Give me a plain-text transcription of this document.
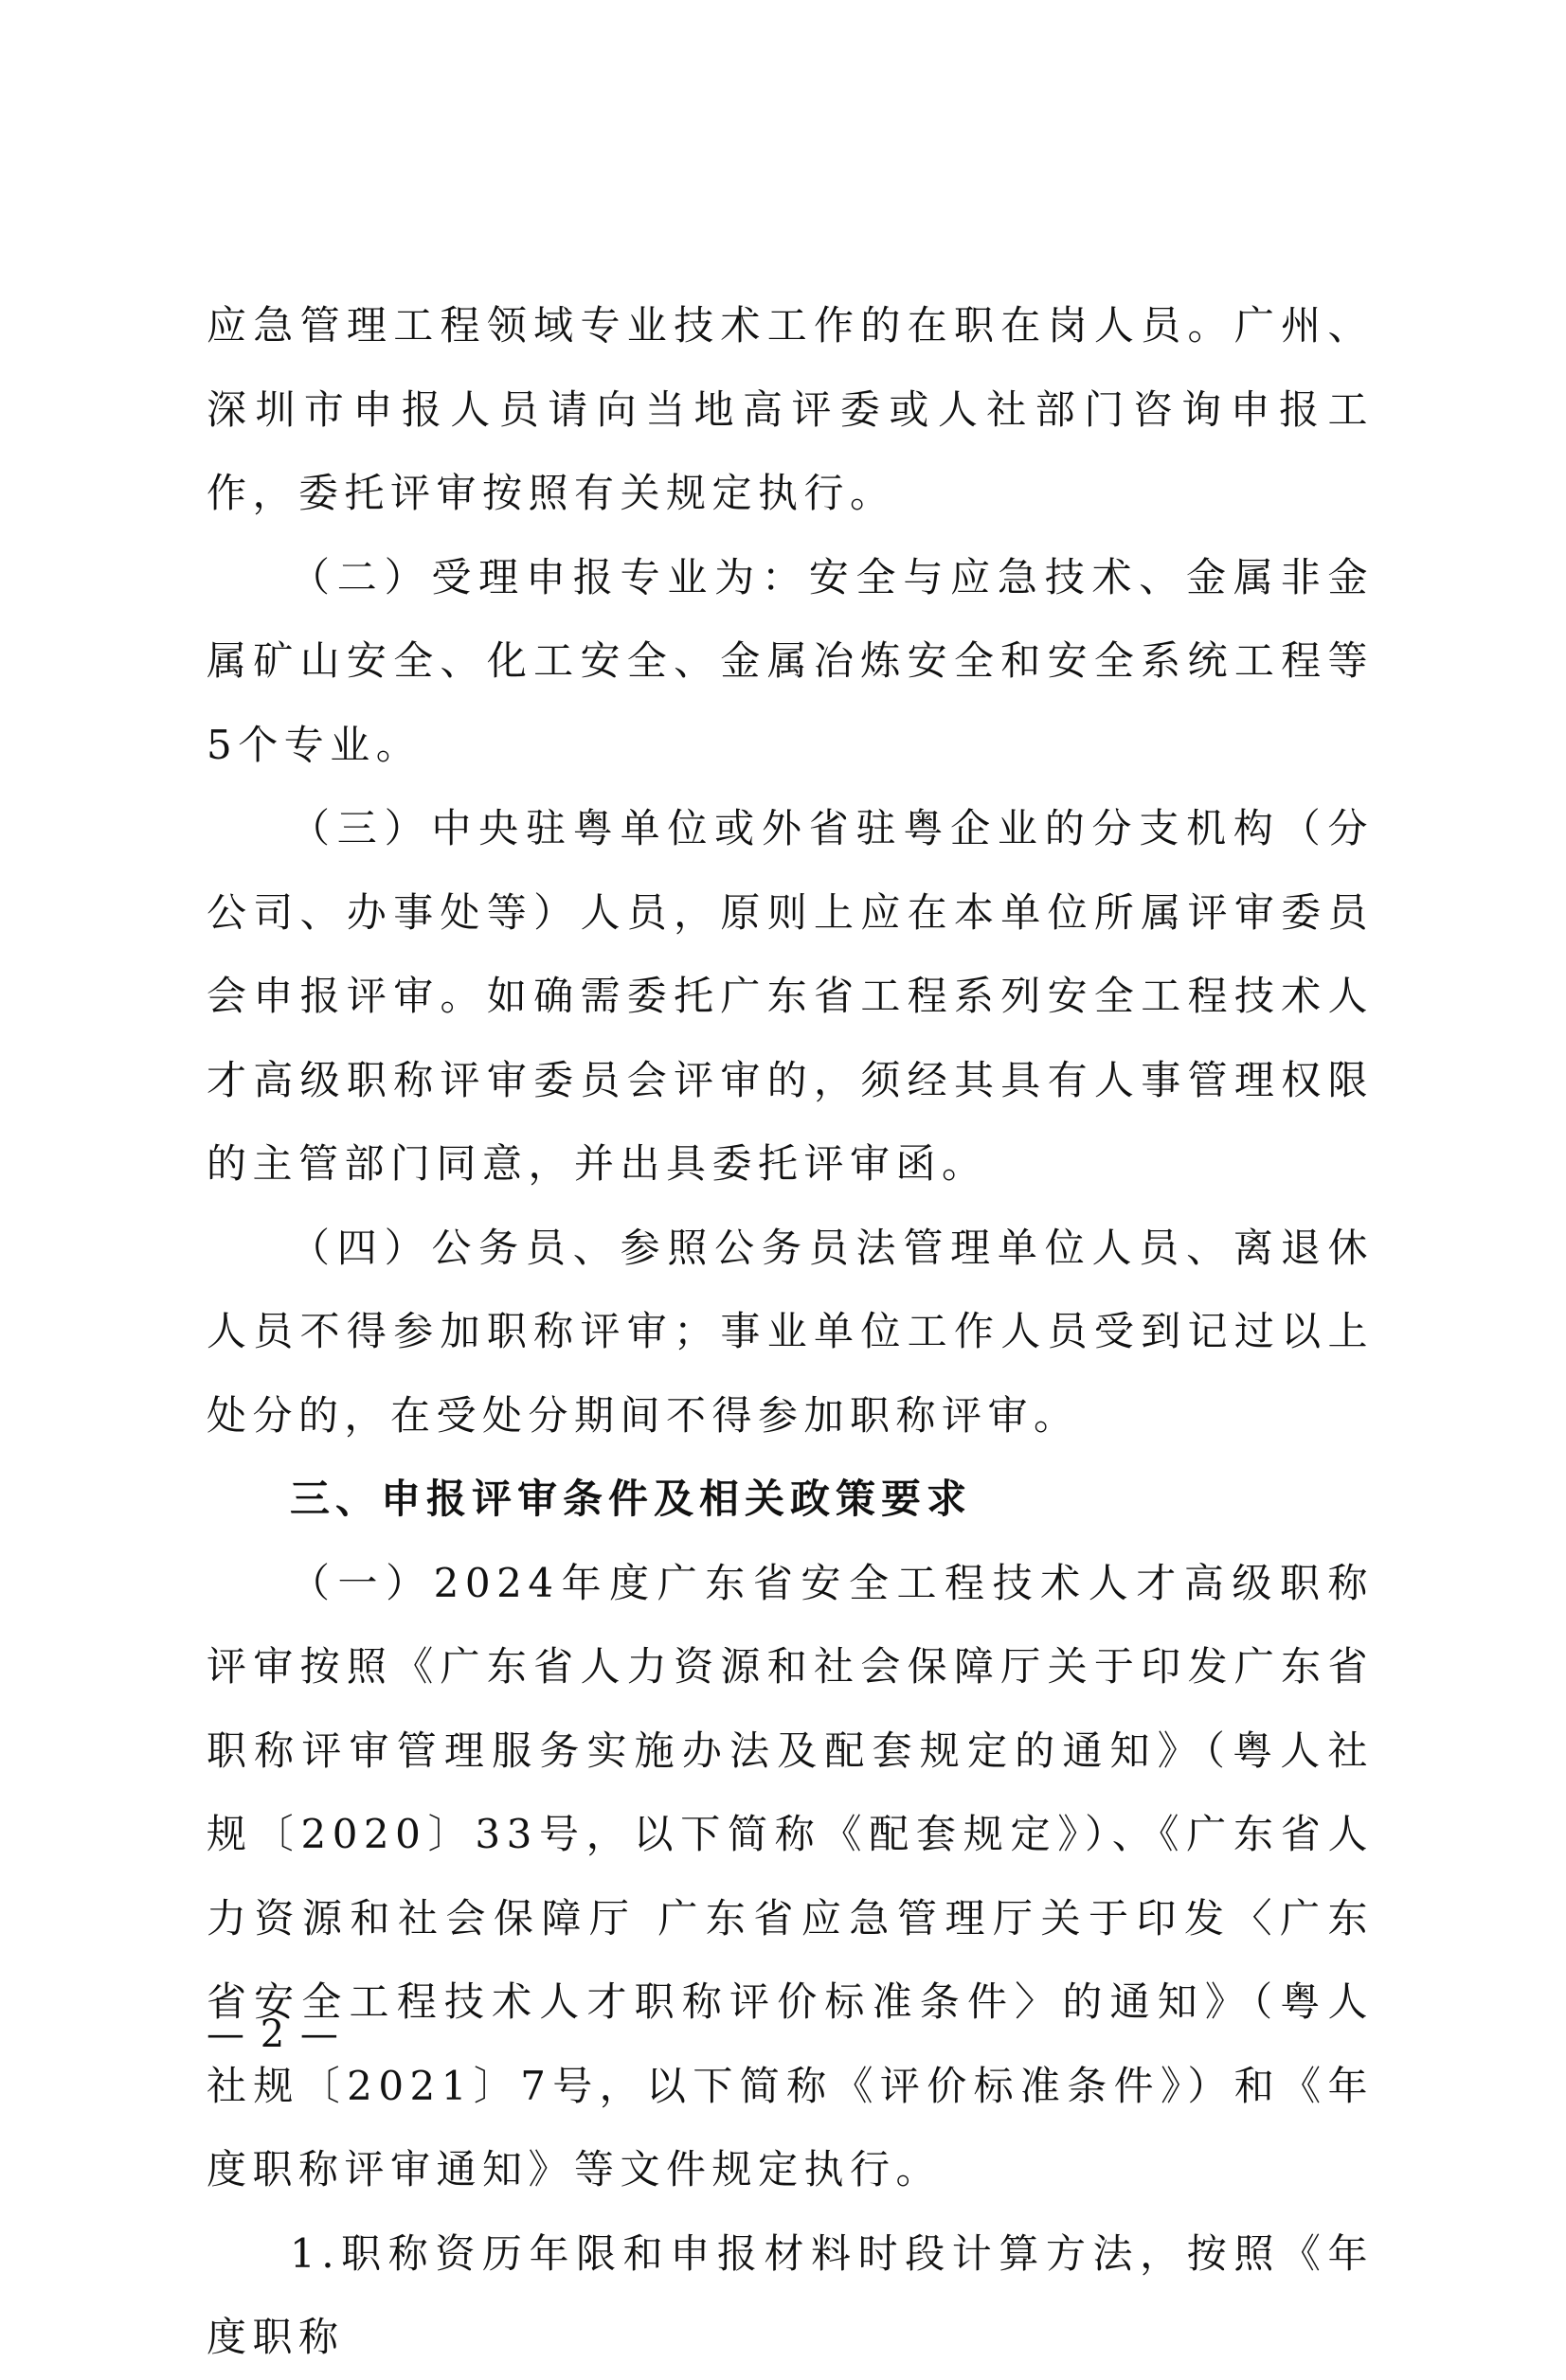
应急管理工程领域专业技术工作的在职在岗人员。广州、深圳市申报人员请向当地高评委或人社部门咨询申报工作，委托评审按照有关规定执行。

（二）受理申报专业为：安全与应急技术、金属非金属矿山安全、化工安全、金属冶炼安全和安全系统工程等5个专业。

（三）中央驻粤单位或外省驻粤企业的分支机构（分公司、办事处等）人员，原则上应在本单位所属评审委员会申报评审。如确需委托广东省工程系列安全工程技术人才高级职称评审委员会评审的，须经其具有人事管理权限的主管部门同意，并出具委托评审函。

（四）公务员、参照公务员法管理单位人员、离退休人员不得参加职称评审；事业单位工作人员受到记过以上处分的，在受处分期间不得参加职称评审。

三、申报评审条件及相关政策要求

（一）2024年度广东省安全工程技术人才高级职称评审按照《广东省人力资源和社会保障厅关于印发广东省职称评审管理服务实施办法及配套规定的通知》（粤人社规〔2020〕33号，以下简称《配套规定》）、《广东省人力资源和社会保障厅 广东省应急管理厅关于印发〈广东省安全工程技术人才职称评价标准条件〉的通知》（粤人社规〔2021〕7号，以下简称《评价标准条件》）和《年度职称评审通知》等文件规定执行。

1.职称资历年限和申报材料时段计算方法，按照《年度职称

— 2 —
